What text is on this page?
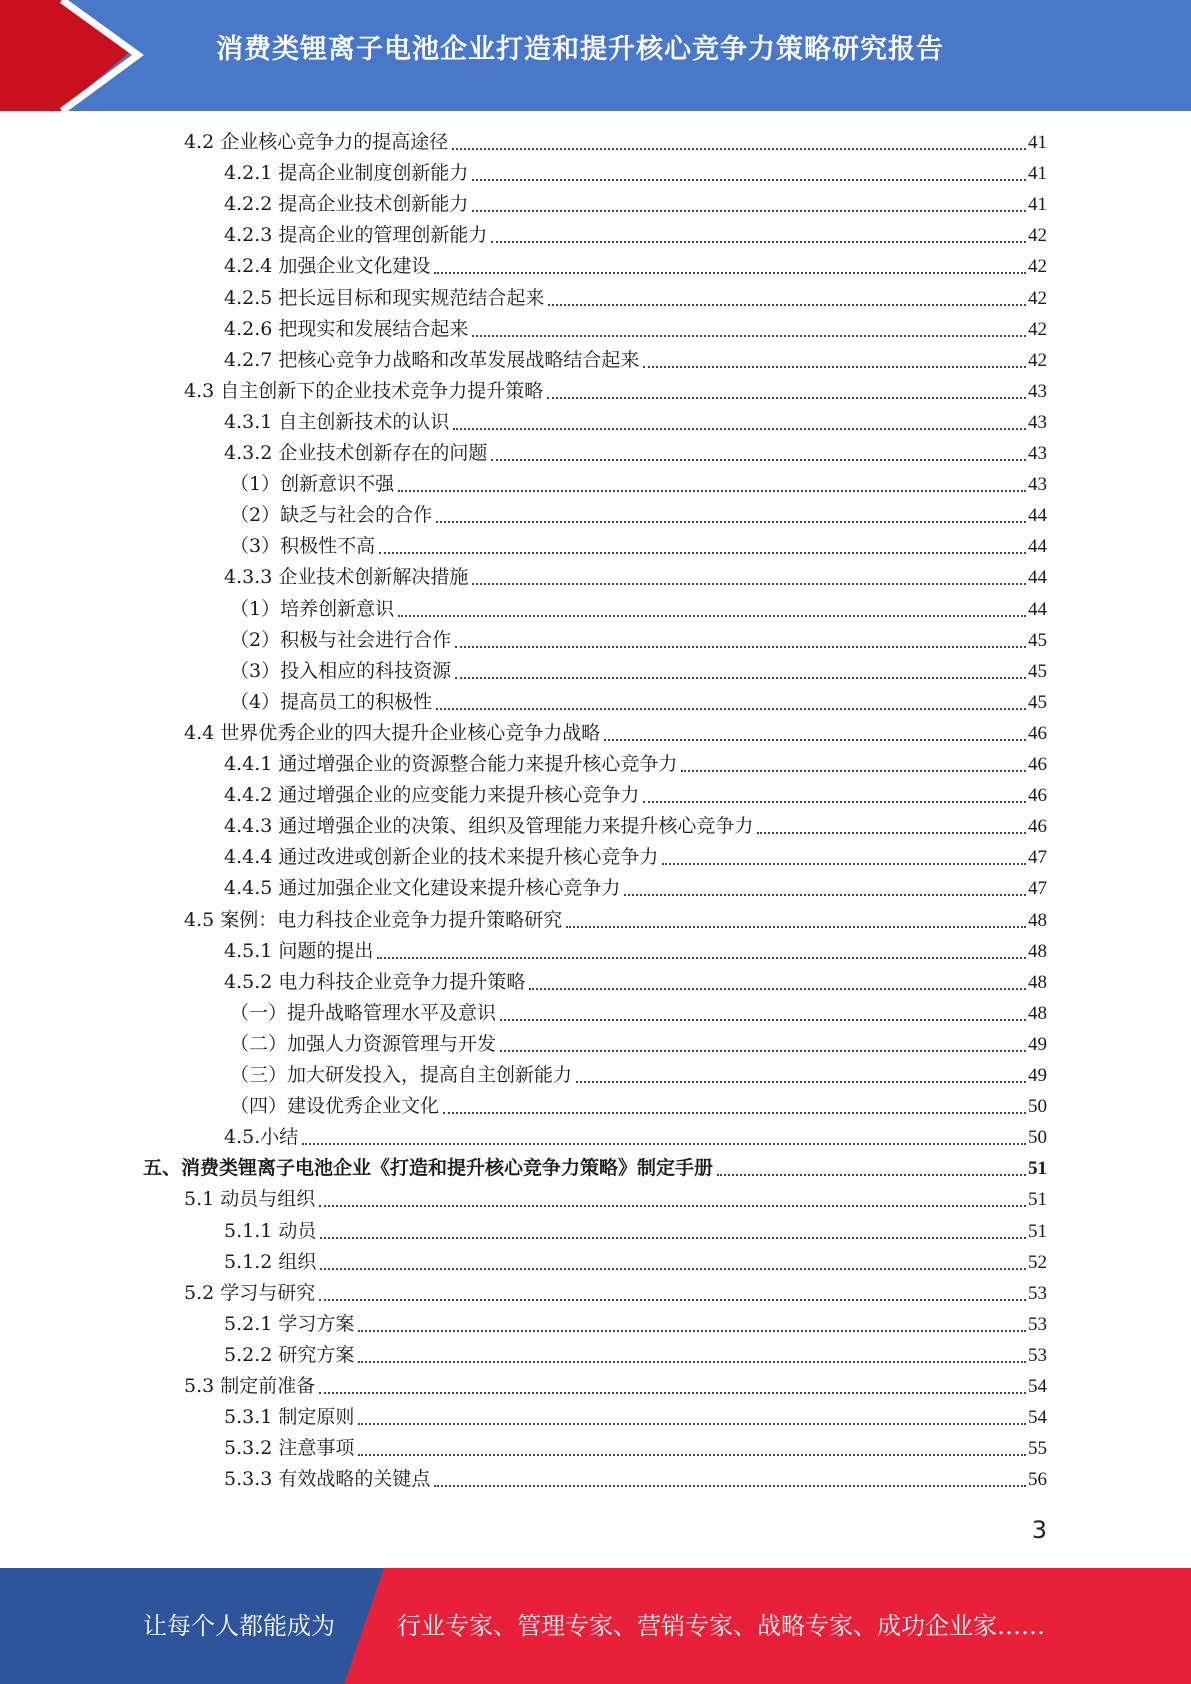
消费类锂离子电池企业打造和提升核心竞争力策略研究报告
4.2 企业核心竞争力的提高途径	41
4.2.1 提高企业制度创新能力	41
4.2.2 提高企业技术创新能力	41
4.2.3 提高企业的管理创新能力	42
4.2.4 加强企业文化建设	42
4.2.5 把长远目标和现实规范结合起来	42
4.2.6 把现实和发展结合起来	42
4.2.7 把核心竞争力战略和改革发展战略结合起来	42
4.3 自主创新下的企业技术竞争力提升策略	43
4.3.1 自主创新技术的认识	43
4.3.2 企业技术创新存在的问题	43
（1）创新意识不强	43
（2）缺乏与社会的合作	44
（3）积极性不高	44
4.3.3 企业技术创新解决措施	44
（1）培养创新意识	44
（2）积极与社会进行合作	45
（3）投入相应的科技资源	45
（4）提高员工的积极性	45
4.4 世界优秀企业的四大提升企业核心竞争力战略	46
4.4.1 通过增强企业的资源整合能力来提升核心竞争力	46
4.4.2 通过增强企业的应变能力来提升核心竞争力	46
4.4.3 通过增强企业的决策、组织及管理能力来提升核心竞争力	46
4.4.4 通过改进或创新企业的技术来提升核心竞争力	47
4.4.5 通过加强企业文化建设来提升核心竞争力	47
4.5 案例：电力科技企业竞争力提升策略研究	48
4.5.1 问题的提出	48
4.5.2 电力科技企业竞争力提升策略	48
（一）提升战略管理水平及意识	48
（二）加强人力资源管理与开发	49
（三）加大研发投入，提高自主创新能力	49
（四）建设优秀企业文化	50
4.5.小结	50
五、消费类锂离子电池企业《打造和提升核心竞争力策略》制定手册	51
5.1 动员与组织	51
5.1.1 动员	51
5.1.2 组织	52
5.2 学习与研究	53
5.2.1 学习方案	53
5.2.2 研究方案	53
5.3 制定前准备	54
5.3.1 制定原则	54
5.3.2 注意事项	55
5.3.3 有效战略的关键点	56
3
让每个人都能成为	行业专家、管理专家、营销专家、战略专家、成功企业家……
